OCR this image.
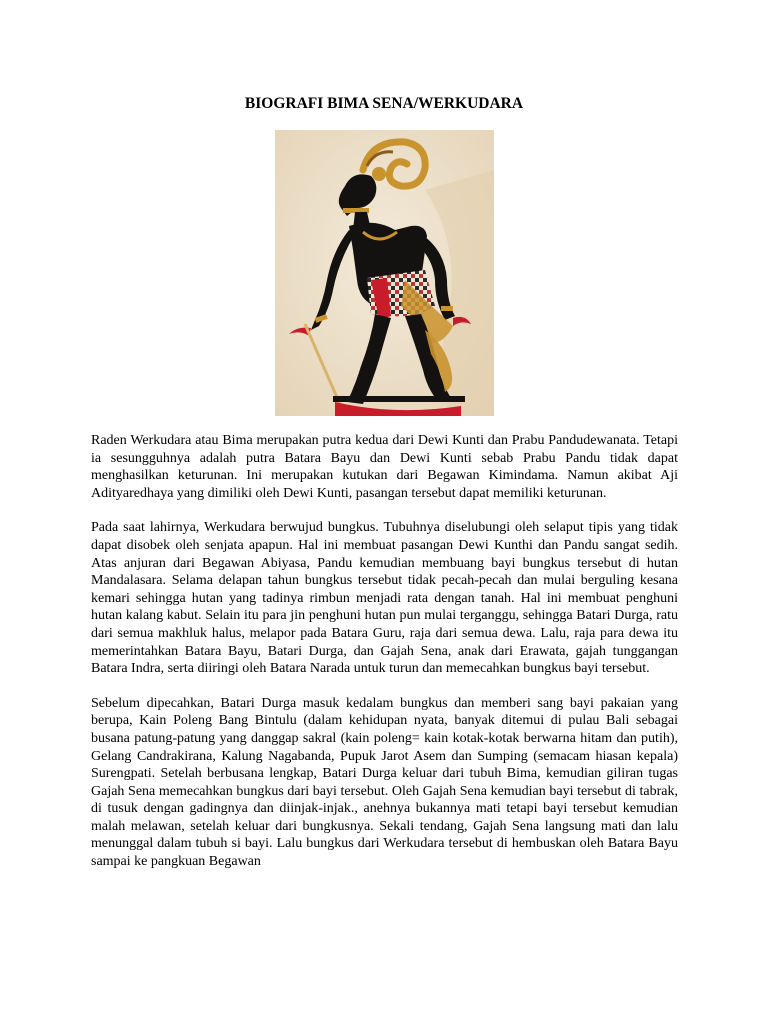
BIOGRAFI BIMA SENA/WERKUDARA

Raden Werkudara atau Bima merupakan putra kedua dari Dewi Kunti dan Prabu Pandudewanata. Tetapi ia sesungguhnya adalah putra Batara Bayu dan Dewi Kunti sebab Prabu Pandu tidak dapat menghasilkan keturunan. Ini merupakan kutukan dari Begawan Kimindama. Namun akibat Aji Adityaredhaya yang dimiliki oleh Dewi Kunti, pasangan tersebut dapat memiliki keturunan.

Pada saat lahirnya, Werkudara berwujud bungkus. Tubuhnya diselubungi oleh selaput tipis yang tidak dapat disobek oleh senjata apapun. Hal ini membuat pasangan Dewi Kunthi dan Pandu sangat sedih. Atas anjuran dari Begawan Abiyasa, Pandu kemudian membuang bayi bungkus tersebut di hutan Mandalasara. Selama delapan tahun bungkus tersebut tidak pecah-pecah dan mulai berguling kesana kemari sehingga hutan yang tadinya rimbun menjadi rata dengan tanah. Hal ini membuat penghuni hutan kalang kabut. Selain itu para jin penghuni hutan pun mulai terganggu, sehingga Batari Durga, ratu dari semua makhluk halus, melapor pada Batara Guru, raja dari semua dewa. Lalu, raja para dewa itu memerintahkan Batara Bayu, Batari Durga, dan Gajah Sena, anak dari Erawata, gajah tunggangan Batara Indra, serta diiringi oleh Batara Narada untuk turun dan memecahkan bungkus bayi tersebut.

Sebelum dipecahkan, Batari Durga masuk kedalam bungkus dan memberi sang bayi pakaian yang berupa, Kain Poleng Bang Bintulu (dalam kehidupan nyata, banyak ditemui di pulau Bali sebagai busana patung-patung yang danggap sakral (kain poleng= kain kotak-kotak berwarna hitam dan putih), Gelang Candrakirana, Kalung Nagabanda, Pupuk Jarot Asem dan Sumping (semacam hiasan kepala) Surengpati. Setelah berbusana lengkap, Batari Durga keluar dari tubuh Bima, kemudian giliran tugas Gajah Sena memecahkan bungkus dari bayi tersebut. Oleh Gajah Sena kemudian bayi tersebut di tabrak, di tusuk dengan gadingnya dan diinjak-injak., anehnya bukannya mati tetapi bayi tersebut kemudian malah melawan, setelah keluar dari bungkusnya. Sekali tendang, Gajah Sena langsung mati dan lalu menunggal dalam tubuh si bayi. Lalu bungkus dari Werkudara tersebut di hembuskan oleh Batara Bayu sampai ke pangkuan Begawan
